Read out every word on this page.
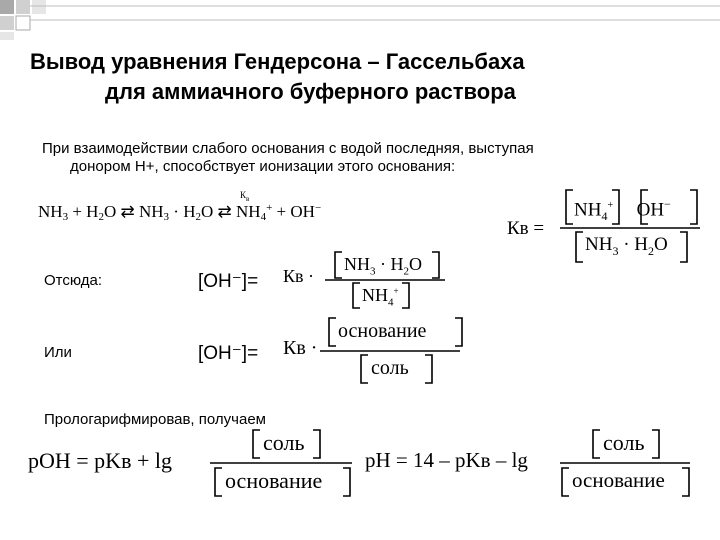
Вывод уравнения Гендерсона – Гассельбаха
для аммиачного буферного раствора
При взаимодействии слабого основания с водой последняя, выступая
донором Н+, способствует ионизации этого основания:
$NH_3 + H_2O$ ⇄ $NH_3 \cdot H_2O$ ⇄ $NH_4^+ + OH^-$
$К_в$
Кв =
$NH_4^+$ OH−
$NH_3 \cdot H_2O$
Отсюда:	[OH⁻]= Кв ·
$NH_3 \cdot H_2O$
$NH_4^+$
Или	[OH⁻]= Кв ·
основание
соль
Прологарифмировав, получаем
pOH = pKв + lg
соль
основание
pH = 14 – pKв – lg
соль
основание
